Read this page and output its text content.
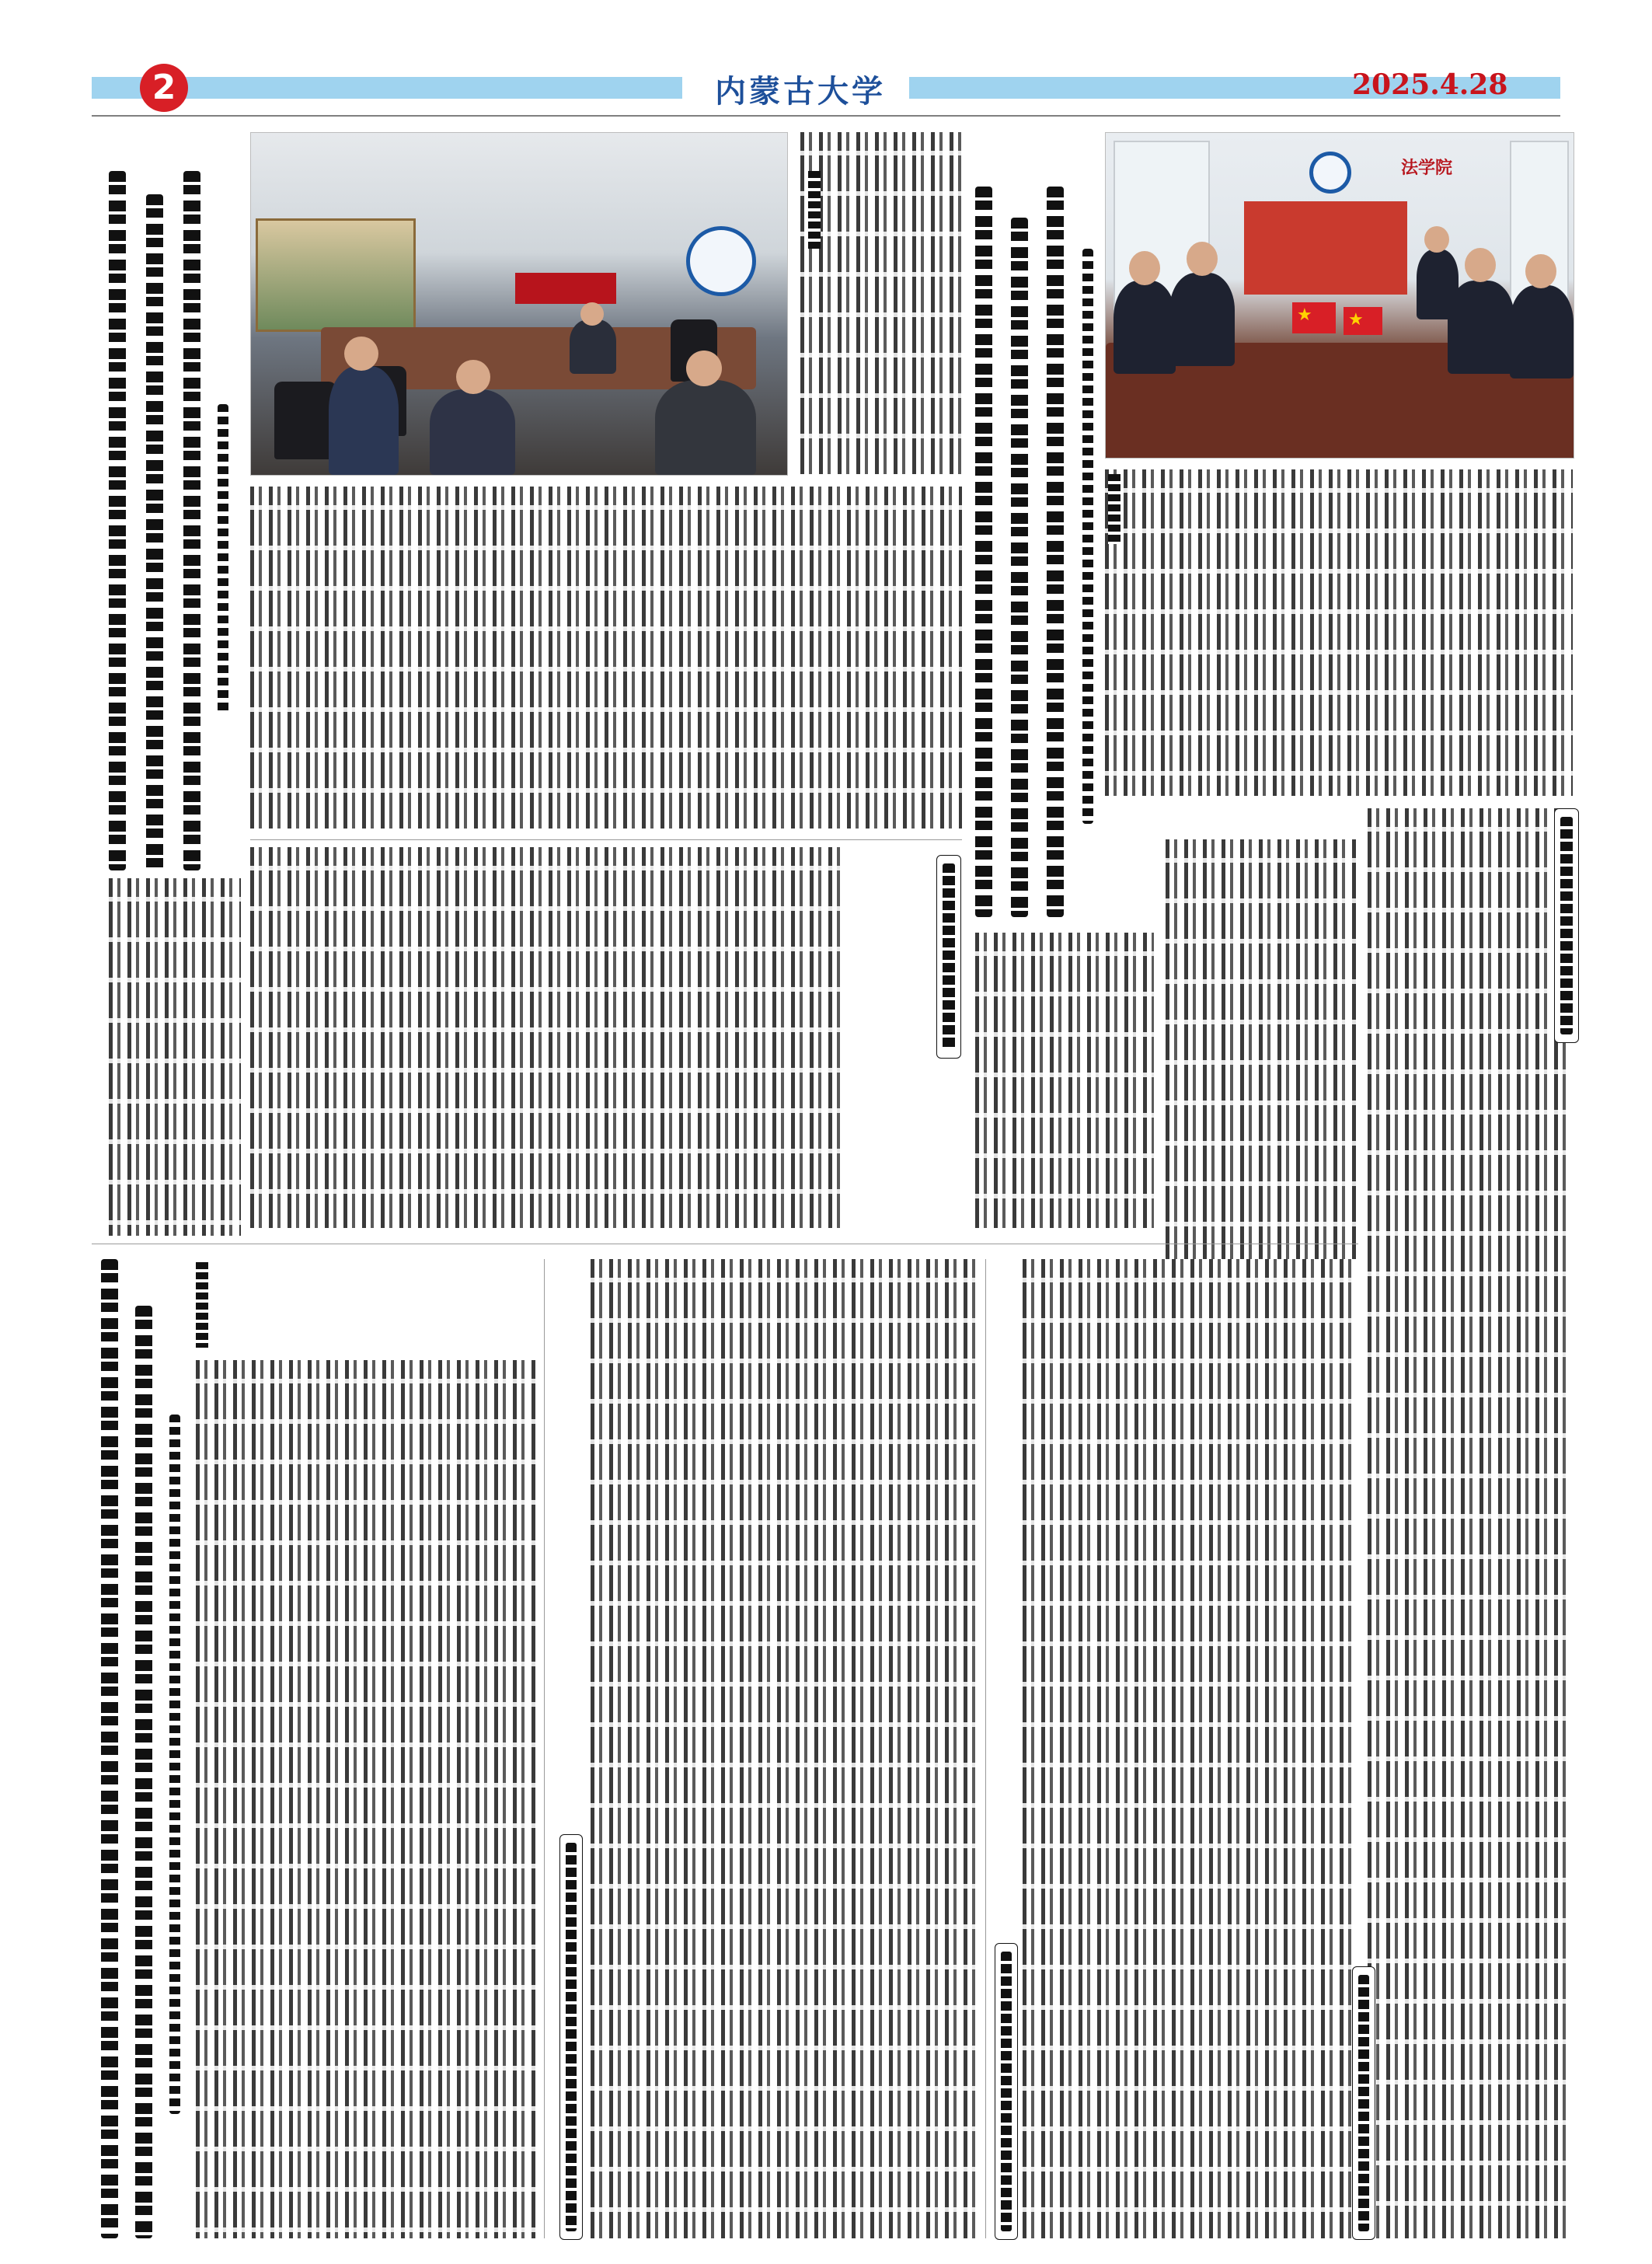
2	内蒙古大学	2025.4.28
法学院
★
★
